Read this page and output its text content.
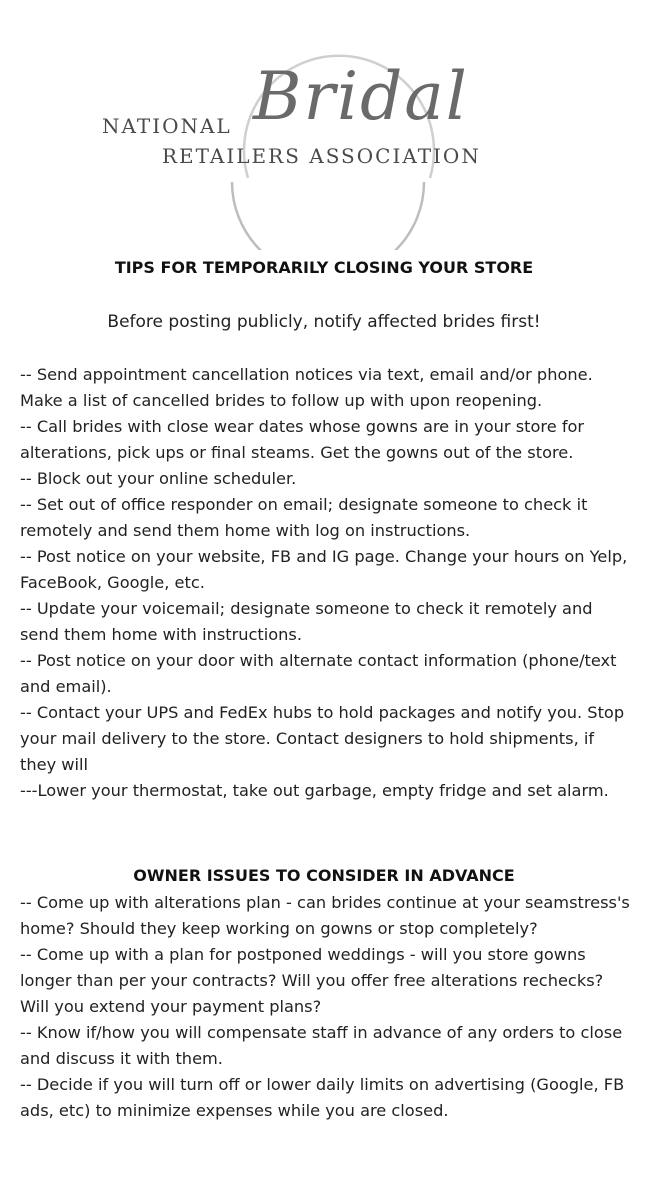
NATIONAL Bridal
RETAILERS ASSOCIATION
TIPS FOR TEMPORARILY CLOSING YOUR STORE
Before posting publicly, notify affected brides first!

-- Send appointment cancellation notices via text, email and/or phone. Make a list of cancelled brides to follow up with upon reopening.

-- Call brides with close wear dates whose gowns are in your store for alterations, pick ups or final steams. Get the gowns out of the store.

-- Block out your online scheduler.

-- Set out of office responder on email; designate someone to check it remotely and send them home with log on instructions.

-- Post notice on your website, FB and IG page. Change your hours on Yelp, FaceBook, Google, etc.

-- Update your voicemail; designate someone to check it remotely and send them home with instructions.

-- Post notice on your door with alternate contact information (phone/text and email).

-- Contact your UPS and FedEx hubs to hold packages and notify you. Stop your mail delivery to the store. Contact designers to hold shipments, if they will

---Lower your thermostat, take out garbage, empty fridge and set alarm.

OWNER ISSUES TO CONSIDER IN ADVANCE

-- Come up with alterations plan - can brides continue at your seamstress's home? Should they keep working on gowns or stop completely?

-- Come up with a plan for postponed weddings - will you store gowns longer than per your contracts? Will you offer free alterations rechecks? Will you extend your payment plans?

-- Know if/how you will compensate staff in advance of any orders to close and discuss it with them.

-- Decide if you will turn off or lower daily limits on advertising (Google, FB ads, etc) to minimize expenses while you are closed.
